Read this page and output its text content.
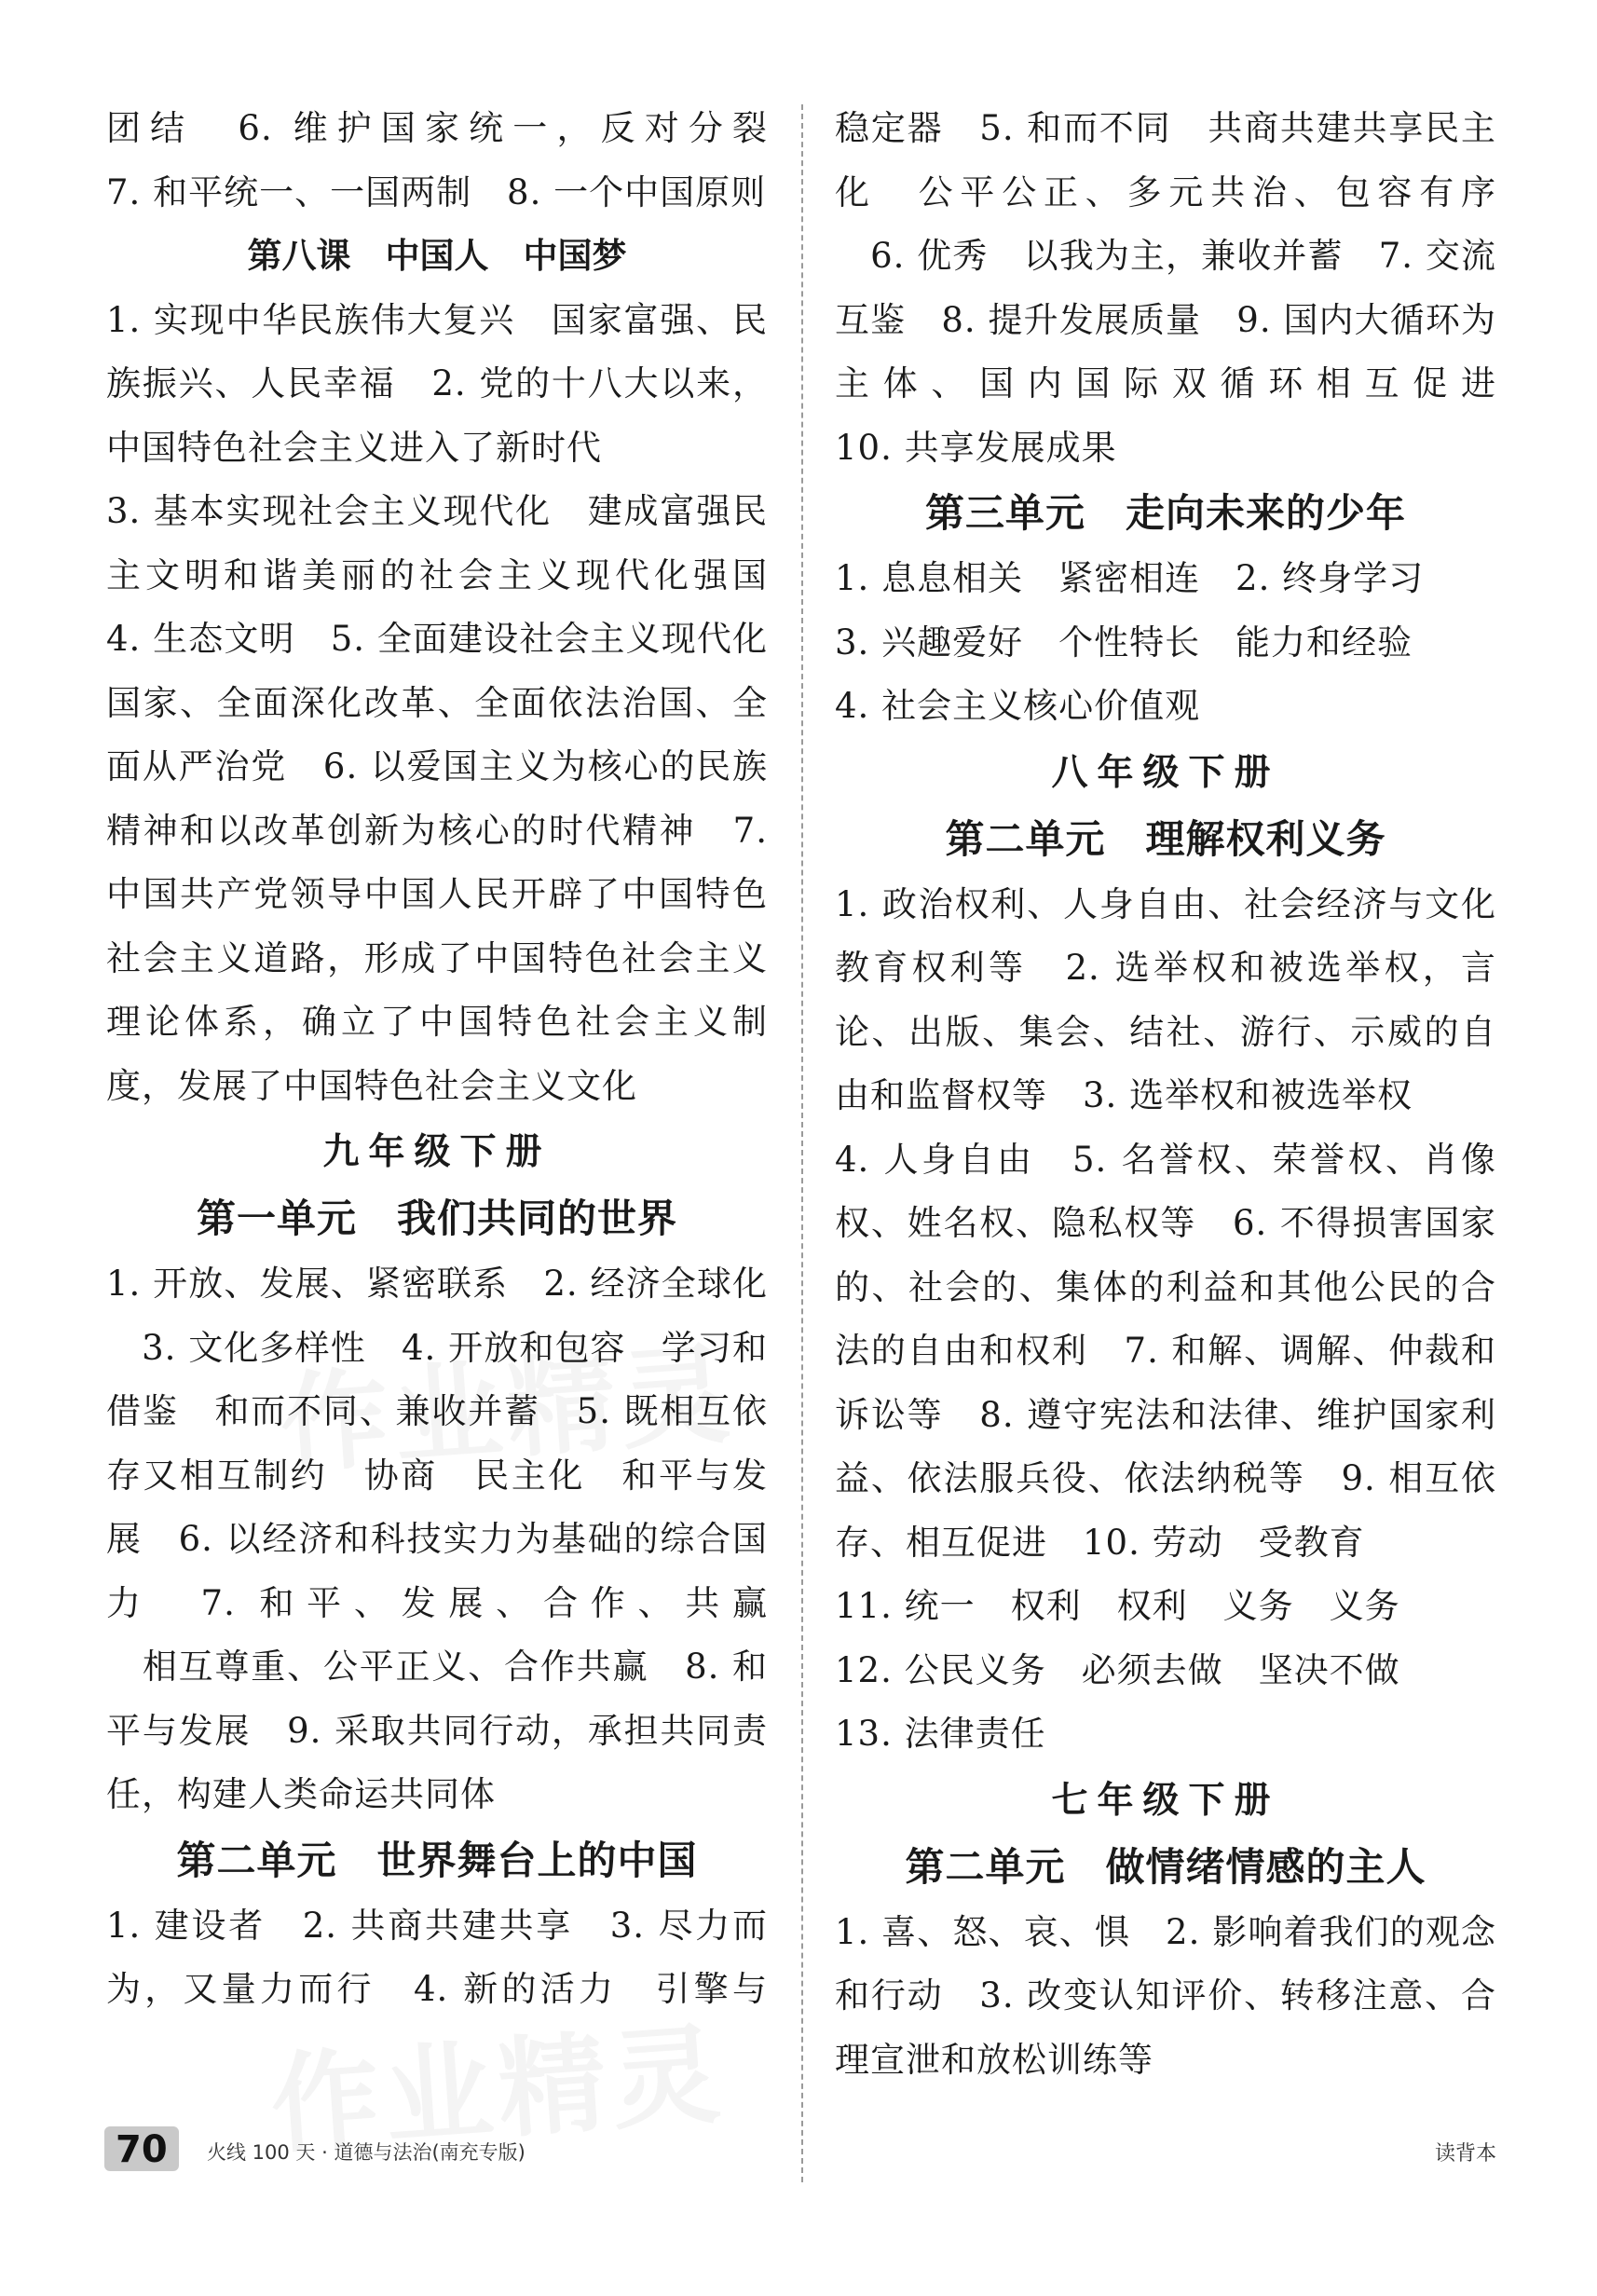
团结　6. 维护国家统一，反对分裂

7. 和平统一、一国两制　8. 一个中国原则

第八课　中国人　中国梦

1. 实现中华民族伟大复兴　国家富强、民族振兴、人民幸福　2. 党的十八大以来，中国特色社会主义进入了新时代

3. 基本实现社会主义现代化　建成富强民主文明和谐美丽的社会主义现代化强国　4. 生态文明　5. 全面建设社会主义现代化国家、全面深化改革、全面依法治国、全面从严治党　6. 以爱国主义为核心的民族精神和以改革创新为核心的时代精神　7. 中国共产党领导中国人民开辟了中国特色社会主义道路，形成了中国特色社会主义理论体系，确立了中国特色社会主义制度，发展了中国特色社会主义文化

九年级下册

第一单元　我们共同的世界

1. 开放、发展、紧密联系　2. 经济全球化

　3. 文化多样性　4. 开放和包容　学习和借鉴　和而不同、兼收并蓄　5. 既相互依存又相互制约　协商　民主化　和平与发展　6. 以经济和科技实力为基础的综合国力　7. 和平、发展、合作、共赢

　相互尊重、公平正义、合作共赢　8. 和平与发展　9. 采取共同行动，承担共同责任，构建人类命运共同体

第二单元　世界舞台上的中国

1. 建设者　2. 共商共建共享　3. 尽力而为，又量力而行　4. 新的活力　引擎与

稳定器　5. 和而不同　共商共建共享民主化　公平公正、多元共治、包容有序

　6. 优秀　以我为主，兼收并蓄　7. 交流互鉴　8. 提升发展质量　9. 国内大循环为主体、国内国际双循环相互促进

10. 共享发展成果

第三单元　走向未来的少年

1. 息息相关　紧密相连　2. 终身学习

3. 兴趣爱好　个性特长　能力和经验

4. 社会主义核心价值观

八年级下册

第二单元　理解权利义务

1. 政治权利、人身自由、社会经济与文化教育权利等　2. 选举权和被选举权，言论、出版、集会、结社、游行、示威的自由和监督权等　3. 选举权和被选举权

4. 人身自由　5. 名誉权、荣誉权、肖像权、姓名权、隐私权等　6. 不得损害国家的、社会的、集体的利益和其他公民的合法的自由和权利　7. 和解、调解、仲裁和诉讼等　8. 遵守宪法和法律、维护国家利益、依法服兵役、依法纳税等　9. 相互依存、相互促进　10. 劳动　受教育

11. 统一　权利　权利　义务　义务

12. 公民义务　必须去做　坚决不做

13. 法律责任

七年级下册

第二单元　做情绪情感的主人

1. 喜、怒、哀、惧　2. 影响着我们的观念和行动　3. 改变认知评价、转移注意、合理宣泄和放松训练等

70	火线 100 天 · 道德与法治(南充专版)	读背本
